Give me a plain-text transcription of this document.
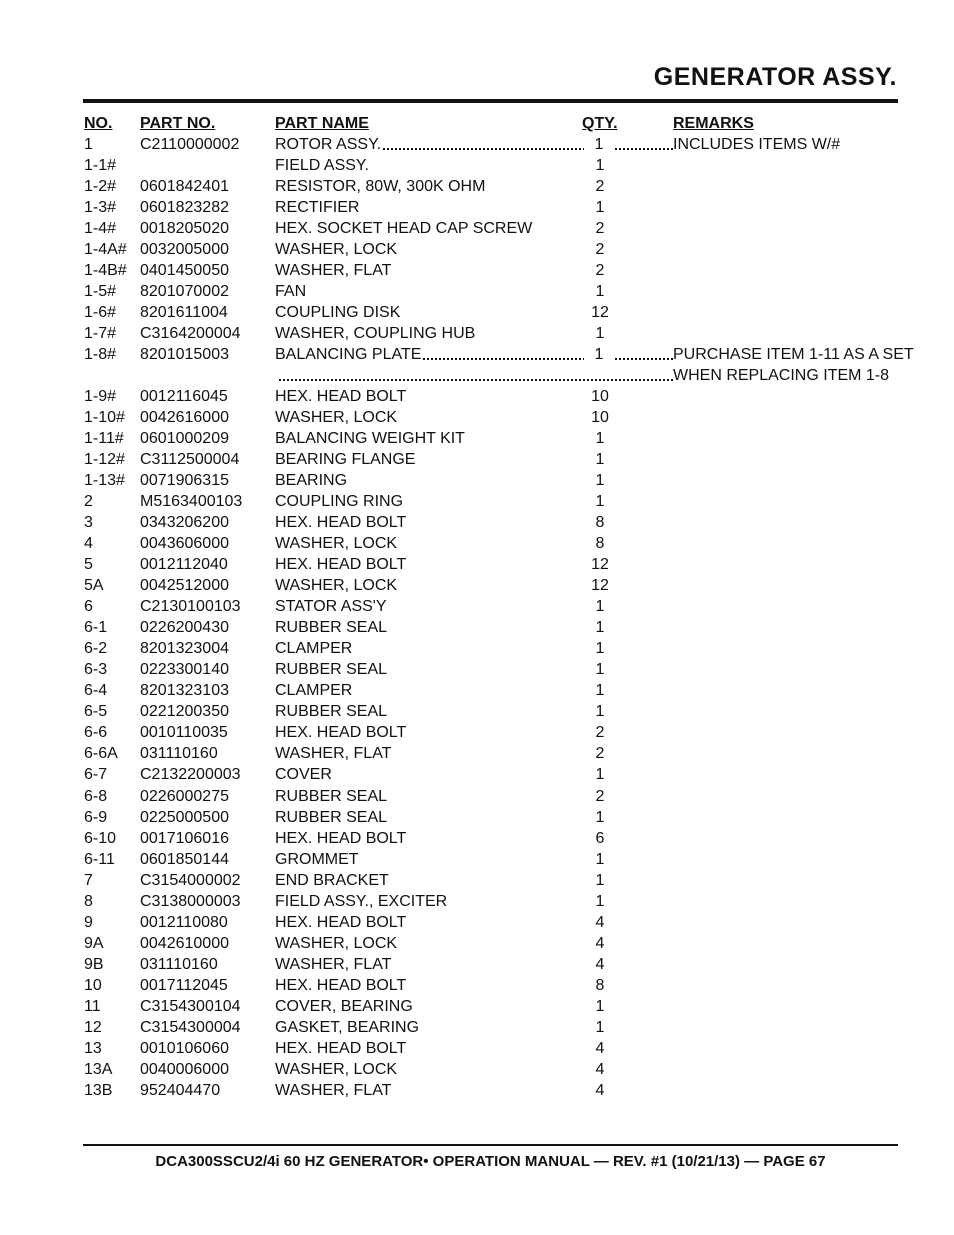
GENERATOR ASSY.
NO. PART NO.	PART NAME	QTY.	REMARKS
1	C2110000002 ROTOR ASSY.	1	INCLUDES ITEMS W/#
1-1#	FIELD ASSY.	1
1-2# 0601842401	RESISTOR, 80W, 300K OHM	2
1-3# 0601823282	RECTIFIER	1
1-4# 0018205020	HEX. SOCKET HEAD CAP SCREW	2
1-4A# 0032005000	WASHER, LOCK	2
1-4B# 0401450050	WASHER, FLAT	2
1-5# 8201070002	FAN	1
1-6# 8201611004	COUPLING DISK	12
1-7# C3164200004 WASHER, COUPLING HUB	1
1-8# 8201015003	BALANCING PLATE	1	PURCHASE ITEM 1-11 AS A SET
WHEN REPLACING ITEM 1-8
1-9# 0012116045	HEX. HEAD BOLT	10
1-10# 0042616000	WASHER, LOCK	10
1-11# 0601000209	BALANCING WEIGHT KIT	1
1-12# C3112500004 BEARING FLANGE	1
1-13# 0071906315	BEARING	1
2	M5163400103 COUPLING RING	1
3	0343206200	HEX. HEAD BOLT	8
4	0043606000	WASHER, LOCK	8
5	0012112040	HEX. HEAD BOLT	12
5A 0042512000	WASHER, LOCK	12
6	C2130100103 STATOR ASS'Y	1
6-1 0226200430	RUBBER SEAL	1
6-2 8201323004	CLAMPER	1
6-3 0223300140	RUBBER SEAL	1
6-4 8201323103	CLAMPER	1
6-5 0221200350	RUBBER SEAL	1
6-6 0010110035	HEX. HEAD BOLT	2
6-6A 031110160	WASHER, FLAT	2
6-7 C2132200003 COVER	1
6-8 0226000275	RUBBER SEAL	2
6-9 0225000500	RUBBER SEAL	1
6-10 0017106016	HEX. HEAD BOLT	6
6-11 0601850144	GROMMET	1
7	C3154000002 END BRACKET	1
8	C3138000003 FIELD ASSY., EXCITER	1
9	0012110080	HEX. HEAD BOLT	4
9A 0042610000	WASHER, LOCK	4
9B 031110160	WASHER, FLAT	4
10 0017112045	HEX. HEAD BOLT	8
11 C3154300104 COVER, BEARING	1
12 C3154300004 GASKET, BEARING	1
13 0010106060	HEX. HEAD BOLT	4
13A 0040006000	WASHER, LOCK	4
13B 952404470	WASHER, FLAT	4
DCA300SSCU2/4i 60 HZ GENERATOR• OPERATION MANUAL — REV. #1 (10/21/13) — PAGE 67
